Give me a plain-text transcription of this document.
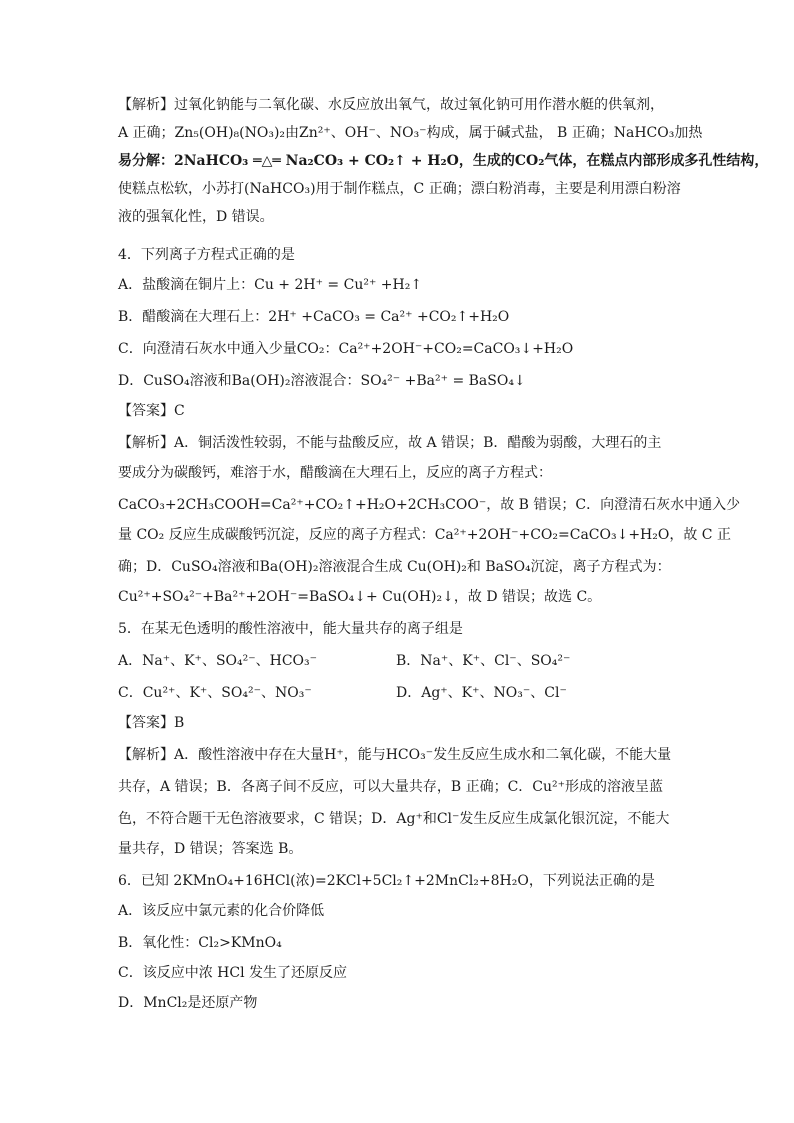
【解析】过氧化钠能与二氧化碳、水反应放出氧气，故过氧化钠可用作潜水艇的供氧剂，
A 正确；Zn₅(OH)₈(NO₃)₂由Zn²⁺、OH⁻、NO₃⁻构成，属于碱式盐， B 正确；NaHCO₃加热
易分解：2NaHCO₃ ═△═ Na₂CO₃ + CO₂↑ + H₂O，生成的CO₂气体，在糕点内部形成多孔性结构，
使糕点松软，小苏打(NaHCO₃)用于制作糕点，C 正确；漂白粉消毒，主要是利用漂白粉溶
液的强氧化性，D 错误。
4．下列离子方程式正确的是
A．盐酸滴在铜片上：Cu + 2H⁺ = Cu²⁺ +H₂↑
B．醋酸滴在大理石上：2H⁺ +CaCO₃ = Ca²⁺ +CO₂↑+H₂O
C．向澄清石灰水中通入少量CO₂：Ca²⁺+2OH⁻+CO₂=CaCO₃↓+H₂O
D．CuSO₄溶液和Ba(OH)₂溶液混合：SO₄²⁻ +Ba²⁺ = BaSO₄↓
【答案】C
【解析】A．铜活泼性较弱，不能与盐酸反应，故 A 错误；B．醋酸为弱酸，大理石的主
要成分为碳酸钙，难溶于水，醋酸滴在大理石上，反应的离子方程式：
CaCO₃+2CH₃COOH=Ca²⁺+CO₂↑+H₂O+2CH₃COO⁻，故 B 错误；C．向澄清石灰水中通入少
量 CO₂ 反应生成碳酸钙沉淀，反应的离子方程式：Ca²⁺+2OH⁻+CO₂=CaCO₃↓+H₂O，故 C 正
确；D．CuSO₄溶液和Ba(OH)₂溶液混合生成 Cu(OH)₂和 BaSO₄沉淀，离子方程式为：
Cu²⁺+SO₄²⁻+Ba²⁺+2OH⁻=BaSO₄↓+ Cu(OH)₂↓，故 D 错误；故选 C。
5．在某无色透明的酸性溶液中，能大量共存的离子组是
A．Na⁺、K⁺、SO₄²⁻、HCO₃⁻	B．Na⁺、K⁺、Cl⁻、SO₄²⁻
C．Cu²⁺、K⁺、SO₄²⁻、NO₃⁻	D．Ag⁺、K⁺、NO₃⁻、Cl⁻
【答案】B
【解析】A．酸性溶液中存在大量H⁺，能与HCO₃⁻发生反应生成水和二氧化碳，不能大量
共存，A 错误；B．各离子间不反应，可以大量共存，B 正确；C．Cu²⁺形成的溶液呈蓝
色，不符合题干无色溶液要求，C 错误；D．Ag⁺和Cl⁻发生反应生成氯化银沉淀，不能大
量共存，D 错误；答案选 B。
6．已知 2KMnO₄+16HCl(浓)=2KCl+5Cl₂↑+2MnCl₂+8H₂O，下列说法正确的是
A．该反应中氯元素的化合价降低
B．氧化性：Cl₂>KMnO₄
C．该反应中浓 HCl 发生了还原反应
D．MnCl₂是还原产物
